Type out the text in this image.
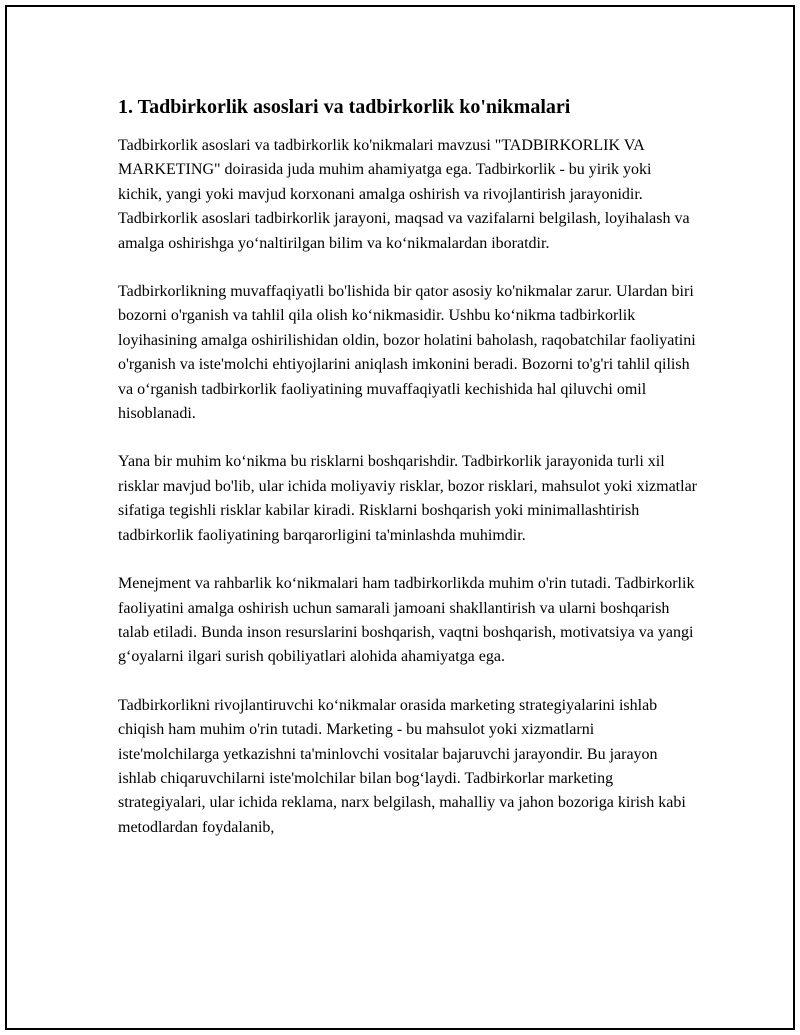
1. Tadbirkorlik asoslari va tadbirkorlik ko'nikmalari

Tadbirkorlik asoslari va tadbirkorlik ko'nikmalari mavzusi "TADBIRKORLIK VA MARKETING" doirasida juda muhim ahamiyatga ega. Tadbirkorlik - bu yirik yoki kichik, yangi yoki mavjud korxonani amalga oshirish va rivojlantirish jarayonidir. Tadbirkorlik asoslari tadbirkorlik jarayoni, maqsad va vazifalarni belgilash, loyihalash va amalga oshirishga yo‘naltirilgan bilim va ko‘nikmalardan iboratdir.

Tadbirkorlikning muvaffaqiyatli bo'lishida bir qator asosiy ko'nikmalar zarur. Ulardan biri bozorni o'rganish va tahlil qila olish ko‘nikmasidir. Ushbu ko‘nikma tadbirkorlik loyihasining amalga oshirilishidan oldin, bozor holatini baholash, raqobatchilar faoliyatini o'rganish va iste'molchi ehtiyojlarini aniqlash imkonini beradi. Bozorni to'g'ri tahlil qilish va o‘rganish tadbirkorlik faoliyatining muvaffaqiyatli kechishida hal qiluvchi omil hisoblanadi.

Yana bir muhim ko‘nikma bu risklarni boshqarishdir. Tadbirkorlik jarayonida turli xil risklar mavjud bo'lib, ular ichida moliyaviy risklar, bozor risklari, mahsulot yoki xizmatlar sifatiga tegishli risklar kabilar kiradi. Risklarni boshqarish yoki minimallashtirish tadbirkorlik faoliyatining barqarorligini ta'minlashda muhimdir.

Menejment va rahbarlik ko‘nikmalari ham tadbirkorlikda muhim o'rin tutadi. Tadbirkorlik faoliyatini amalga oshirish uchun samarali jamoani shakllantirish va ularni boshqarish talab etiladi. Bunda inson resurslarini boshqarish, vaqtni boshqarish, motivatsiya va yangi g‘oyalarni ilgari surish qobiliyatlari alohida ahamiyatga ega.

Tadbirkorlikni rivojlantiruvchi ko‘nikmalar orasida marketing strategiyalarini ishlab chiqish ham muhim o'rin tutadi. Marketing - bu mahsulot yoki xizmatlarni iste'molchilarga yetkazishni ta'minlovchi vositalar bajaruvchi jarayondir. Bu jarayon ishlab chiqaruvchilarni iste'molchilar bilan bog‘laydi. Tadbirkorlar marketing strategiyalari, ular ichida reklama, narx belgilash, mahalliy va jahon bozoriga kirish kabi metodlardan foydalanib,
